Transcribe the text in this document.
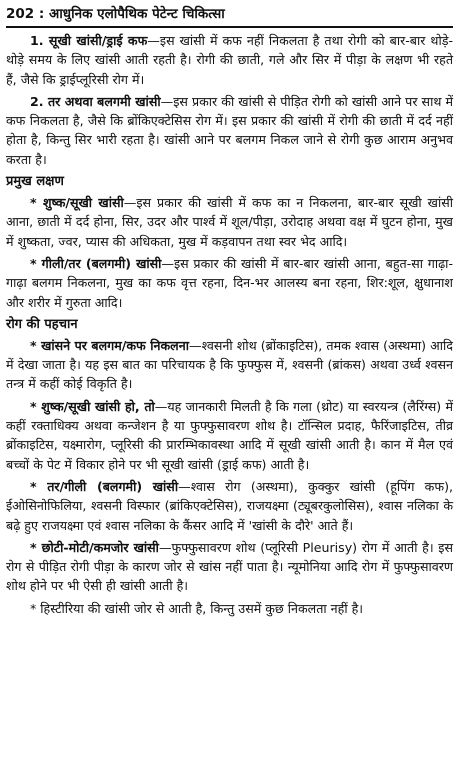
202 : आधुनिक एलोपैथिक पेटेन्ट चिकित्सा

1. सूखी खांसी/ड्राई कफ—इस खांसी में कफ नहीं निकलता है तथा रोगी को बार-बार थोड़े-थोड़े समय के लिए खांसी आती रहती है। रोगी की छाती, गले और सिर में पीड़ा के लक्षण भी रहते हैं, जैसे कि ड्राईप्लूरिसी रोग में।

2. तर अथवा बलगमी खांसी—इस प्रकार की खांसी से पीड़ित रोगी को खांसी आने पर साथ में कफ निकलता है, जैसे कि ब्रोंकिएक्टेसिस रोग में। इस प्रकार की खांसी में रोगी की छाती में दर्द नहीं होता है, किन्तु सिर भारी रहता है। खांसी आने पर बलगम निकल जाने से रोगी कुछ आराम अनुभव करता है।

प्रमुख लक्षण

* शुष्क/सूखी खांसी—इस प्रकार की खांसी में कफ का न निकलना, बार-बार सूखी खांसी आना, छाती में दर्द होना, सिर, उदर और पार्श्व में शूल/पीड़ा, उरोदाह अथवा वक्ष में घुटन होना, मुख में शुष्कता, ज्वर, प्यास की अधिकता, मुख में कड़वापन तथा स्वर भेद आदि।

* गीली/तर (बलगमी) खांसी—इस प्रकार की खांसी में बार-बार खांसी आना, बहुत-सा गाढ़ा-गाढ़ा बलगम निकलना, मुख का कफ वृत्त रहना, दिन-भर आलस्य बना रहना, शिर:शूल, क्षुधानाश और शरीर में गुरुता आदि।

रोग की पहचान

* खांसने पर बलगम/कफ निकलना—श्वसनी शोथ (ब्रोंकाइटिस), तमक श्वास (अस्थमा) आदि में देखा जाता है। यह इस बात का परिचायक है कि फुफ्फुस में, श्वसनी (ब्रांकस) अथवा उर्ध्व श्वसन तन्त्र में कहीं कोई विकृति है।

* शुष्क/सूखी खांसी हो, तो—यह जानकारी मिलती है कि गला (थ्रोट) या स्वरयन्त्र (लैरिंग्स) में कहीं रक्ताधिक्य अथवा कन्जेशन है या फुफ्फुसावरण शोथ है। टॉन्सिल प्रदाह, फैरिंजाइटिस, तीव्र ब्रोंकाइटिस, यक्ष्मारोग, प्लूरिसी की प्रारम्भिकावस्था आदि में सूखी खांसी आती है। कान में मैल एवं बच्चों के पेट में विकार होने पर भी सूखी खांसी (ड्राई कफ) आती है।

* तर/गीली (बलगमी) खांसी—श्वास रोग (अस्थमा), कुक्कुर खांसी (हूपिंग कफ), ईओसिनोफिलिया, श्वसनी विस्फार (ब्रांकिएक्टेसिस), राजयक्ष्मा (ट्यूबरकुलोसिस), श्वास नलिका के बढ़े हुए राजयक्ष्मा एवं श्वास नलिका के कैंसर आदि में 'खांसी के दौरे' आते हैं।

* छोटी-मोटी/कमजोर खांसी—फुफ्फुसावरण शोथ (प्लूरिसी Pleurisy) रोग में आती है। इस रोग से पीड़ित रोगी पीड़ा के कारण जोर से खांस नहीं पाता है। न्यूमोनिया आदि रोग में फुफ्फुसावरण शोथ होने पर भी ऐसी ही खांसी आती है।

* हिस्टीरिया की खांसी जोर से आती है, किन्तु उसमें कुछ निकलता नहीं है।
